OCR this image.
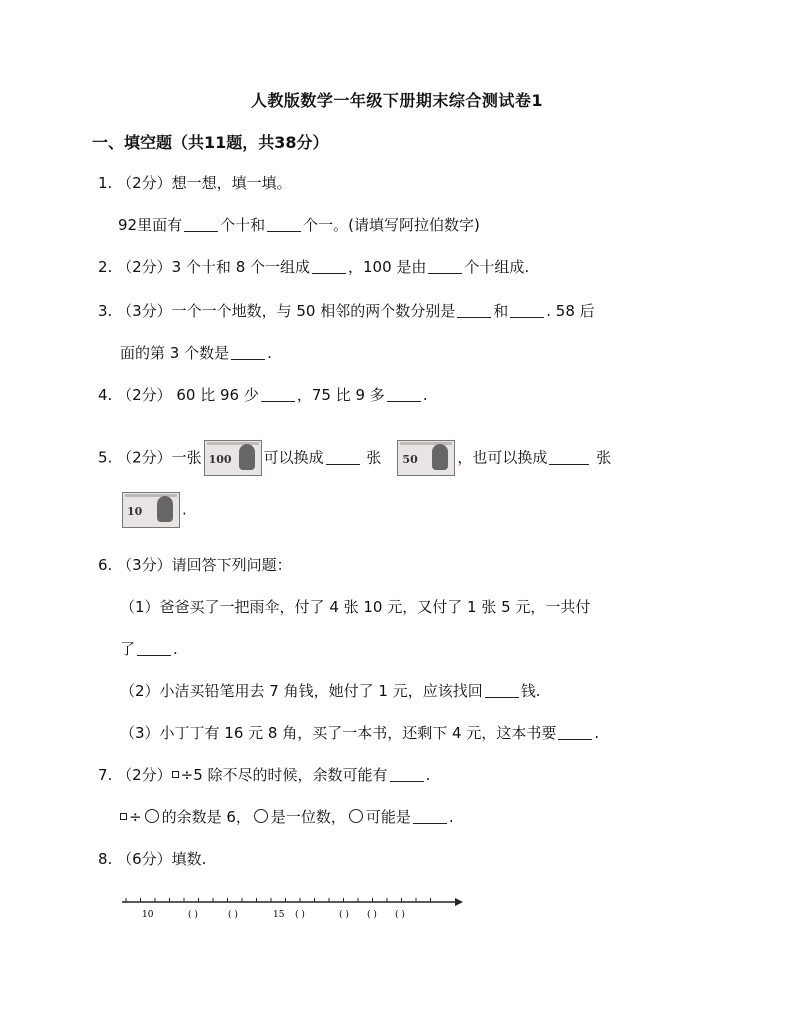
人教版数学一年级下册期末综合测试卷1
一、填空题（共11题，共38分）
1. （2分）想一想，填一填。
92里面有	个十和	个一。(请填写阿拉伯数字)
2. （2分）3 个十和 8 个一组成	，100 是由	个十组成.
3. （3分）一个一个地数，与 50 相邻的两个数分别是	和	. 58 后
面的第 3 个数是	.
4. （2分） 60 比 96 少	，75 比 9 多	.
5. （2分）一张 100 可以换成	张 50	，也可以换成	张
10	.
6. （3分）请回答下列问题：
（1）爸爸买了一把雨伞，付了 4 张 10 元，又付了 1 张 5 元，一共付
了	.
（2）小洁买铅笔用去 7 角钱，她付了 1 元，应该找回	钱.
（3）小丁丁有 16 元 8 角，买了一本书，还剩下 4 元，这本书要	.
7. （2分） ÷5 除不尽的时候，余数可能有	.
÷ 的余数是 6， 是一位数， 可能是	.
8. （6分）填数.
10	15
( )	( )	( )	( ) ( ) ( )
